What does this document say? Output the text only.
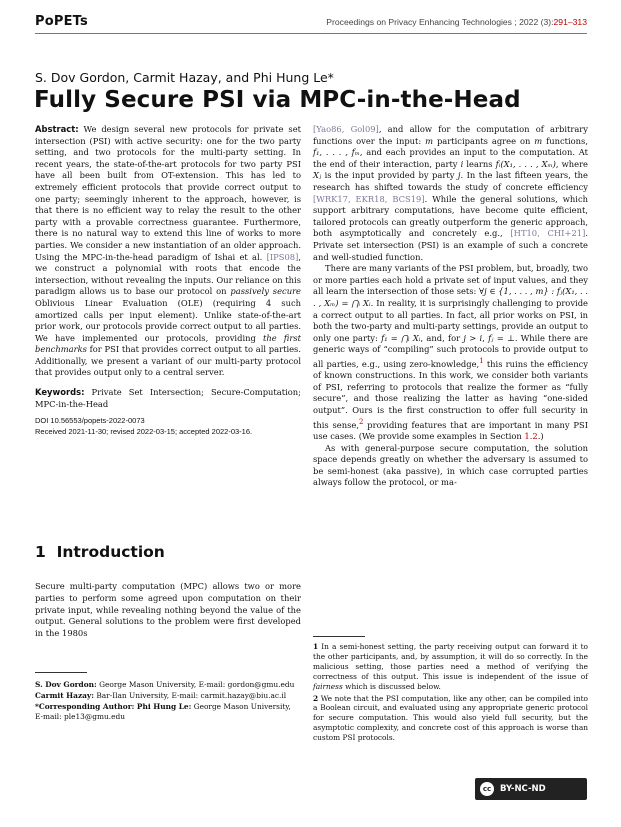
PoPETs	Proceedings on Privacy Enhancing Technologies ; 2022 (3):291–313
S. Dov Gordon, Carmit Hazay, and Phi Hung Le*
Fully Secure PSI via MPC-in-the-Head

Abstract: We design several new protocols for private set intersection (PSI) with active security: one for the two party setting, and two protocols for the multi-party setting. In recent years, the state-of-the-art protocols for two party PSI have all been built from OT-extension. This has led to extremely efficient protocols that provide correct output to one party; seemingly inherent to the approach, however, is that there is no efficient way to relay the result to the other party with a provable correctness guarantee. Furthermore, there is no natural way to extend this line of works to more parties. We consider a new instantiation of an older approach. Using the MPC-in-the-head paradigm of Ishai et al. [IPS08], we construct a polynomial with roots that encode the intersection, without revealing the inputs. Our reliance on this paradigm allows us to base our protocol on passively secure Oblivious Linear Evaluation (OLE) (requiring 4 such amortized calls per input element). Unlike state-of-the-art prior work, our protocols provide correct output to all parties. We have implemented our protocols, providing the first benchmarks for PSI that provides correct output to all parties. Additionally, we present a variant of our multi-party protocol that provides output only to a central server.

Keywords: Private Set Intersection; Secure-Computation; MPC-in-the-Head

DOI 10.56553/popets-2022-0073
Received 2021-11-30; revised 2022-03-15; accepted 2022-03-16.
1 Introduction

Secure multi-party computation (MPC) allows two or more parties to perform some agreed upon computation on their private input, while revealing nothing beyond the value of the output. General solutions to the problem were first developed in the 1980s

S. Dov Gordon: George Mason University, E-mail: gordon@gmu.edu
Carmit Hazay: Bar-Ilan University, E-mail: carmit.hazay@biu.ac.il
*Corresponding Author: Phi Hung Le: George Mason University, E-mail: ple13@gmu.edu

[Yao86, Gol09], and allow for the computation of arbitrary functions over the input: m participants agree on m functions, f₁, . . . , fₘ, and each provides an input to the computation. At the end of their interaction, party i learns fᵢ(X₁, . . . , Xₘ), where Xⱼ is the input provided by party j. In the last fifteen years, the research has shifted towards the study of concrete efficiency [WRK17, EKR18, BCS19]. While the general solutions, which support arbitrary computations, have become quite efficient, tailored protocols can greatly outperform the generic approach, both asymptotically and concretely e.g., [HT10, CHI+21]. Private set intersection (PSI) is an example of such a concrete and well-studied function.

There are many variants of the PSI problem, but, broadly, two or more parties each hold a private set of input values, and they all learn the intersection of those sets: ∀j ∈ {1, . . . , m} : fⱼ(X₁, . . . , Xₘ) = ⋂ᵢ Xᵢ. In reality, it is surprisingly challenging to provide a correct output to all parties. In fact, all prior works on PSI, in both the two-party and multi-party settings, provide an output to only one party: f₁ = ⋂ᵢ Xᵢ, and, for j > i, fⱼ = ⊥. While there are generic ways of “compiling” such protocols to provide output to all parties, e.g., using zero-knowledge,$^1$ this ruins the efficiency of known constructions. In this work, we consider both variants of PSI, referring to protocols that realize the former as “fully secure”, and those realizing the latter as having “one-sided output”. Ours is the first construction to offer full security in this sense,$^2$ providing features that are important in many PSI use cases. (We provide some examples in Section 1.2.)

As with general-purpose secure computation, the solution space depends greatly on whether the adversary is assumed to be semi-honest (aka passive), in which case corrupted parties always follow the protocol, or ma-

1 In a semi-honest setting, the party receiving output can forward it to the other participants, and, by assumption, it will do so correctly. In the malicious setting, those parties need a method of verifying the correctness of this output. This issue is independent of the issue of fairness which is discussed below.

2 We note that the PSI computation, like any other, can be compiled into a Boolean circuit, and evaluated using any appropriate generic protocol for secure computation. This would also yield full security, but the asymptotic complexity, and concrete cost of this approach is worse than custom PSI protocols.

cc	BY-NC-ND
